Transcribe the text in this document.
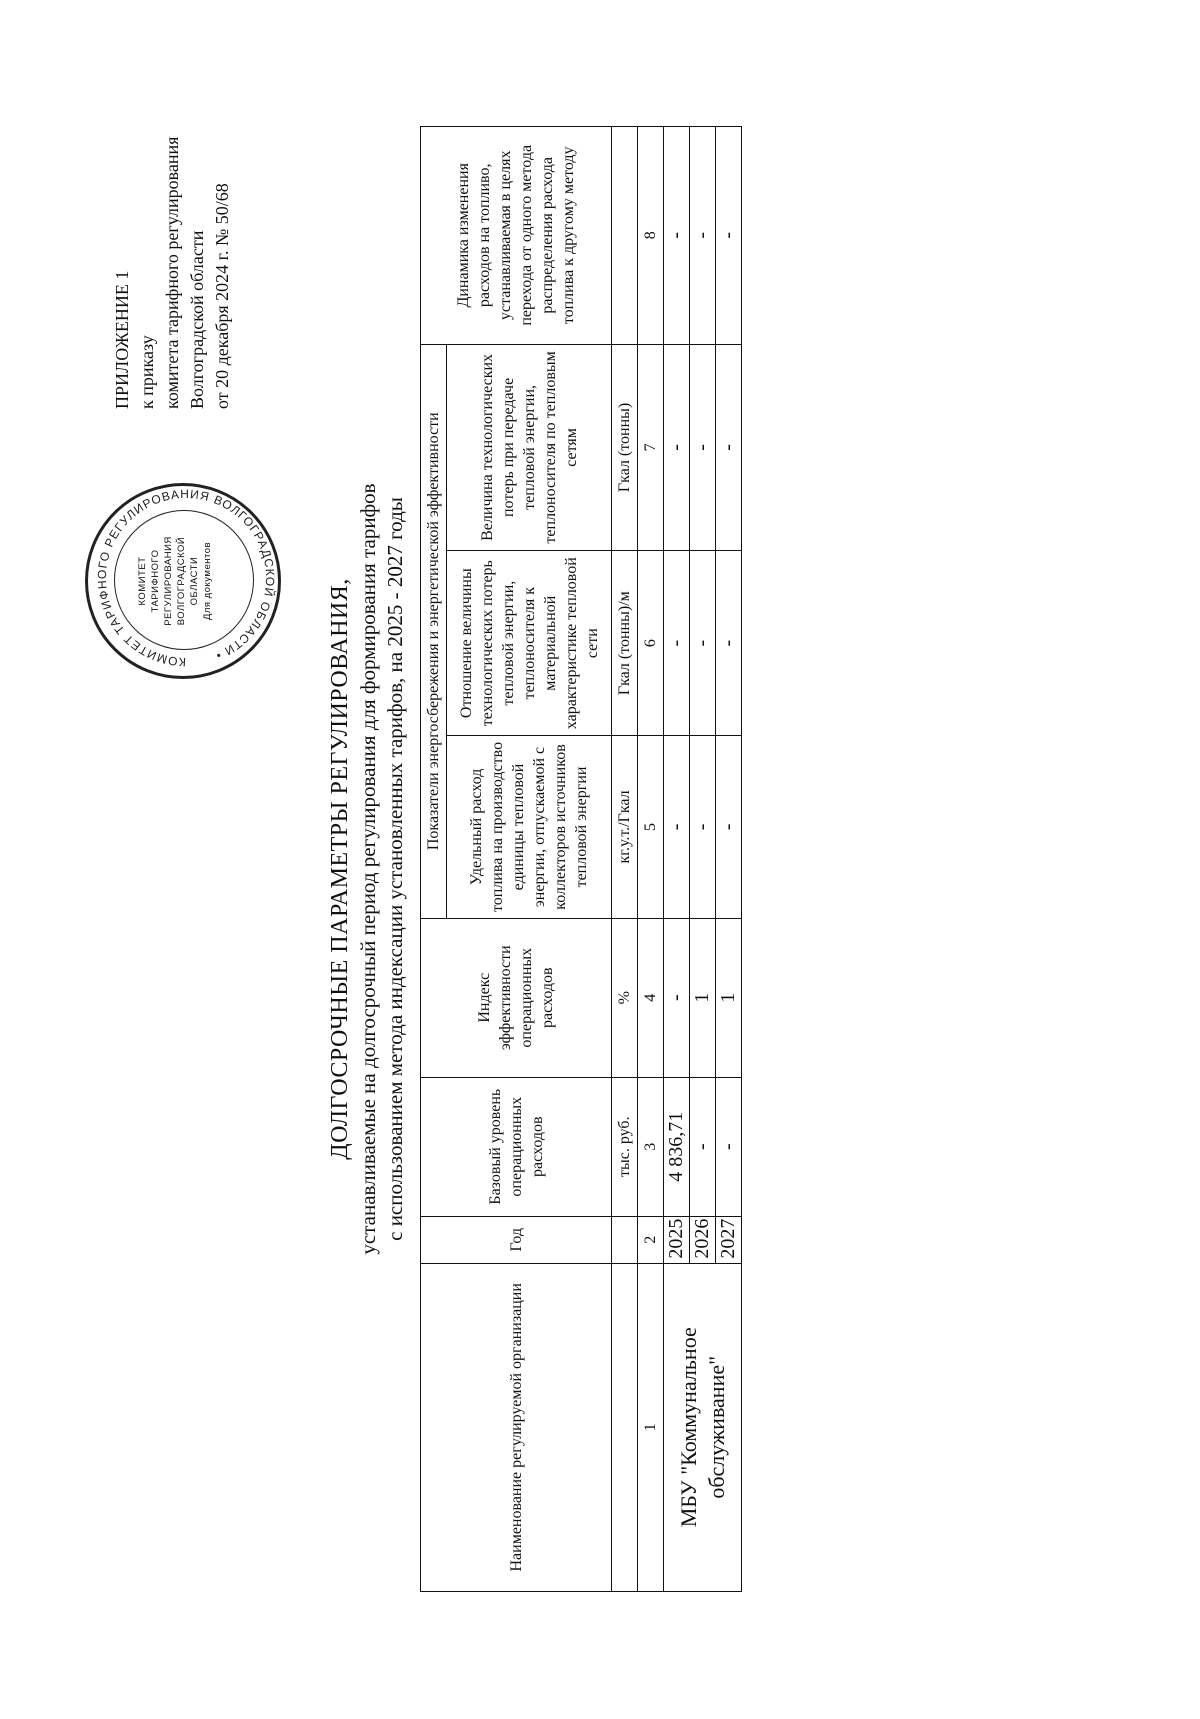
ПРИЛОЖЕНИЕ 1 к приказу комитета тарифного регулирования Волгоградской области от 20 декабря 2024 г. № 50/68
КОМИТЕТ ТАРИФНОГО РЕГУЛИРОВАНИЯ ВОЛГОГРАДСКОЙ ОБЛАСТИ •
КОМИТЕТ ТАРИФНОГО РЕГУЛИРОВАНИЯ ВОЛГОГРАДСКОЙ ОБЛАСТИ Для документов	ДОЛГОСРОЧНЫЕ ПАРАМЕТРЫ РЕГУЛИРОВАНИЯ, устанавливаемые на долгосрочный период регулирования для формирования тарифов с использованием метода индексации установленных тарифов, на 2025 - 2027 годы
Наименование регулируемой организации	Год	Базовый уровень операционных расходов	Индекс эффективности операционных расходов	Показатели энергосбережения и энергетической эффективности			Динамика изменения расходов на топливо, устанавливаемая в целях перехода от одного метода распределения расхода топлива к другому методу
				Удельный расход топлива на производство единицы тепловой энергии, отпускаемой с коллекторов источников тепловой энергии	Отношение величины технологических потерь тепловой энергии, теплоносителя к материальной характеристике тепловой сети	Величина технологических потерь при передаче тепловой энергии, теплоносителя по тепловым сетям	
		тыс. руб.	%	кг.у.т./Гкал	Гкал (тонны)/м	Гкал (тонны)	
1	2	3	4	5	6	7	8
МБУ "Коммунальное обслуживание"	2025	4 836,71	-	-	-	-	-
	2026	-	1	-	-	-	-
	2027	-	1	-	-	-	-
